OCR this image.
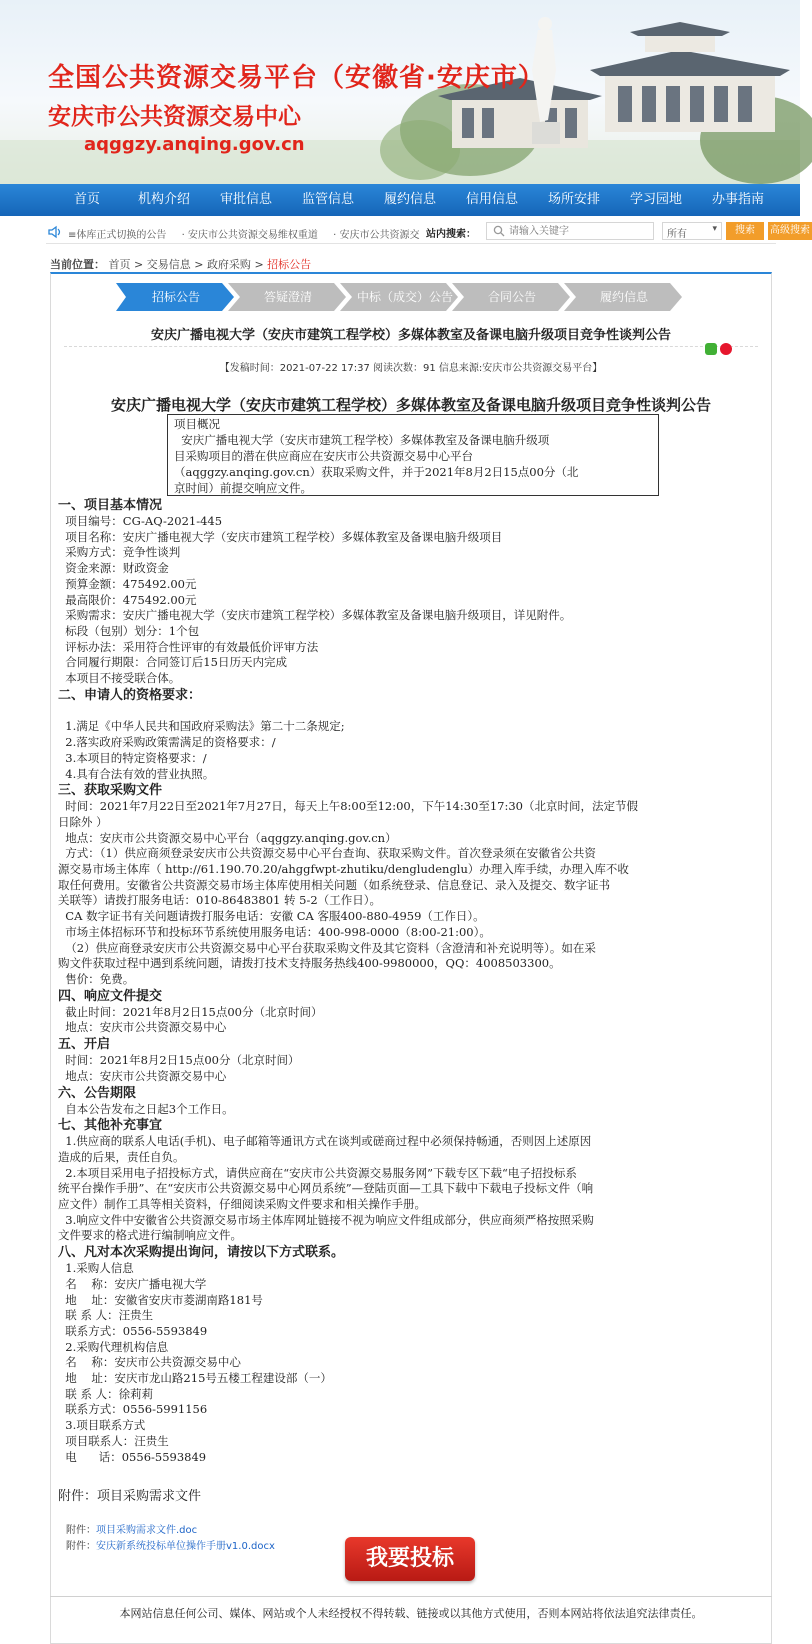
全国公共资源交易平台（安徽省·安庆市）
安庆市公共资源交易中心
aqggzy.anqing.gov.cn
首页	机构介绍 审批信息 监管信息 履约信息 信用信息 场所安排 学习园地 办事指南
≡体库正式切换的公告 · 安庆市公共资源交易维权重道 · 安庆市公共资源交 站内搜索：
请输入关键字	所有	▾	搜索	高级搜索
当前位置： 首页 > 交易信息 > 政府采购 > 招标公告
招标公告	答疑澄清	中标（成交）公告	合同公告	履约信息
安庆广播电视大学（安庆市建筑工程学校）多媒体教室及备课电脑升级项目竞争性谈判公告
【发稿时间：2021-07-22 17:37 阅读次数：91 信息来源:安庆市公共资源交易平台】
安庆广播电视大学（安庆市建筑工程学校）多媒体教室及备课电脑升级项目竞争性谈判公告
项目概况
安庆广播电视大学（安庆市建筑工程学校）多媒体教室及备课电脑升级项
目采购项目的潜在供应商应在安庆市公共资源交易中心平台
（aqggzy.anqing.gov.cn）获取采购文件，并于2021年8月2日15点00分（北
京时间）前提交响应文件。
一、项目基本情况
项目编号：CG-AQ-2021-445
项目名称：安庆广播电视大学（安庆市建筑工程学校）多媒体教室及备课电脑升级项目
采购方式：竞争性谈判
资金来源：财政资金
预算金额：475492.00元
最高限价：475492.00元
采购需求：安庆广播电视大学（安庆市建筑工程学校）多媒体教室及备课电脑升级项目，详见附件。
标段（包别）划分：1个包
评标办法：采用符合性评审的有效最低价评审方法
合同履行期限：合同签订后15日历天内完成
本项目不接受联合体。
二、申请人的资格要求：

1.满足《中华人民共和国政府采购法》第二十二条规定;
2.落实政府采购政策需满足的资格要求：/
3.本项目的特定资格要求：/
4.具有合法有效的营业执照。
三、获取采购文件
时间：2021年7月22日至2021年7月27日，每天上午8:00至12:00，下午14:30至17:30（北京时间，法定节假
日除外 ）
地点：安庆市公共资源交易中心平台（aqggzy.anqing.gov.cn）
方式：（1）供应商须登录安庆市公共资源交易中心平台查询、获取采购文件。首次登录须在安徽省公共资
源交易市场主体库（ http://61.190.70.20/ahggfwpt-zhutiku/dengludenglu）办理入库手续，办理入库不收
取任何费用。安徽省公共资源交易市场主体库使用相关问题（如系统登录、信息登记、录入及提交、数字证书
关联等）请拨打服务电话：010-86483801 转 5-2（工作日）。
CA 数字证书有关问题请拨打服务电话：安徽 CA 客服400-880-4959（工作日）。
市场主体招标环节和投标环节系统使用服务电话：400-998-0000（8:00-21:00）。
（2）供应商登录安庆市公共资源交易中心平台获取采购文件及其它资料（含澄清和补充说明等）。如在采
购文件获取过程中遇到系统问题，请拨打技术支持服务热线400-9980000，QQ：4008503300。
售价：免费。
四、响应文件提交
截止时间：2021年8月2日15点00分（北京时间）
地点：安庆市公共资源交易中心
五、开启
时间：2021年8月2日15点00分（北京时间）
地点：安庆市公共资源交易中心
六、公告期限
自本公告发布之日起3个工作日。
七、其他补充事宜
1.供应商的联系人电话(手机)、电子邮箱等通讯方式在谈判或磋商过程中必须保持畅通，否则因上述原因
造成的后果，责任自负。
2.本项目采用电子招投标方式，请供应商在“安庆市公共资源交易服务网”下载专区下载“电子招投标系
统平台操作手册”、在“安庆市公共资源交易中心网员系统”—登陆页面—工具下载中下载电子投标文件（响
应文件）制作工具等相关资料，仔细阅读采购文件要求和相关操作手册。
3.响应文件中安徽省公共资源交易市场主体库网址链接不视为响应文件组成部分，供应商须严格按照采购
文件要求的格式进行编制响应文件。
八、凡对本次采购提出询问，请按以下方式联系。
1.采购人信息
名    称：安庆广播电视大学
地    址：安徽省安庆市菱湖南路181号
联 系 人：汪贵生
联系方式：0556-5593849
2.采购代理机构信息
名    称：安庆市公共资源交易中心
地    址：安庆市龙山路215号五楼工程建设部（一）
联 系 人：徐莉莉
联系方式：0556-5991156
3.项目联系方式
项目联系人：汪贵生
电      话：0556-5593849
附件：项目采购需求文件
附件：项目采购需求文件.doc
附件：安庆新系统投标单位操作手册v1.0.docx	我要投标
本网站信息任何公司、媒体、网站或个人未经授权不得转载、链接或以其他方式使用，否则本网站将依法追究法律责任。
